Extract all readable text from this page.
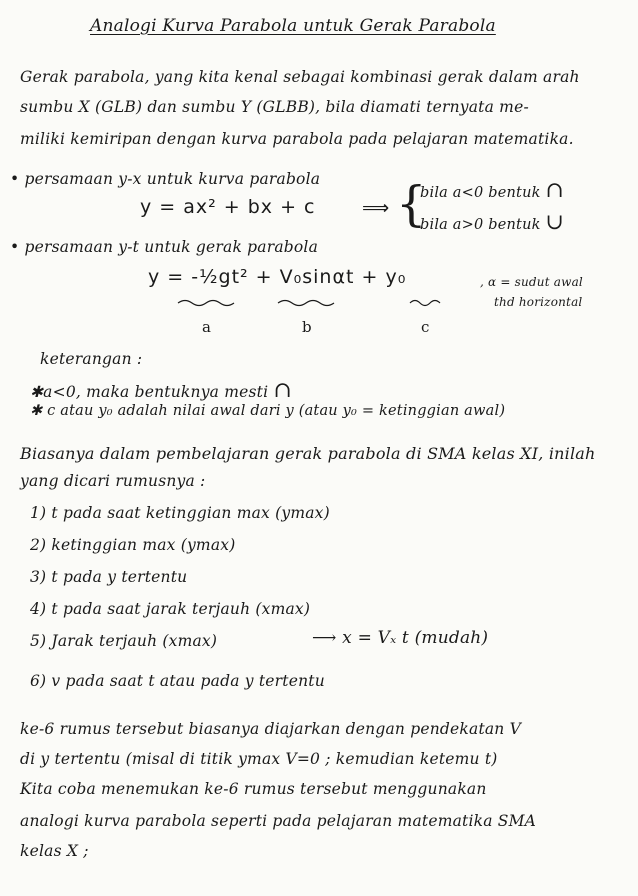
Analogi Kurva Parabola untuk Gerak Parabola
Gerak parabola, yang kita kenal sebagai kombinasi gerak dalam arah
sumbu X (GLB) dan sumbu Y (GLBB), bila diamati ternyata me-
miliki kemiripan dengan kurva parabola pada pelajaran matematika.
• persamaan y-x untuk kurva parabola
y = ax² + bx + c ⟹ {
bila a<0 bentuk ∩
bila a>0 bentuk ∪
• persamaan y-t untuk gerak parabola
y = -½gt² + V₀sinαt + y₀	, α = sudut awal
thd horizontal
a	b	c
keterangan :
✱a<0, maka bentuknya mesti ∩
✱ c atau y₀ adalah nilai awal dari y (atau y₀ = ketinggian awal)
Biasanya dalam pembelajaran gerak parabola di SMA kelas XI, inilah
yang dicari rumusnya :
1) t pada saat ketinggian max (ymax)
2) ketinggian max (ymax)
3) t pada y tertentu
4) t pada saat jarak terjauh (xmax)
5) Jarak terjauh (xmax)	⟶ x = Vₓ t (mudah)
6) v pada saat t atau pada y tertentu
ke-6 rumus tersebut biasanya diajarkan dengan pendekatan V
di y tertentu (misal di titik ymax V=0 ; kemudian ketemu t)
Kita coba menemukan ke-6 rumus tersebut menggunakan
analogi kurva parabola seperti pada pelajaran matematika SMA
kelas X ;
